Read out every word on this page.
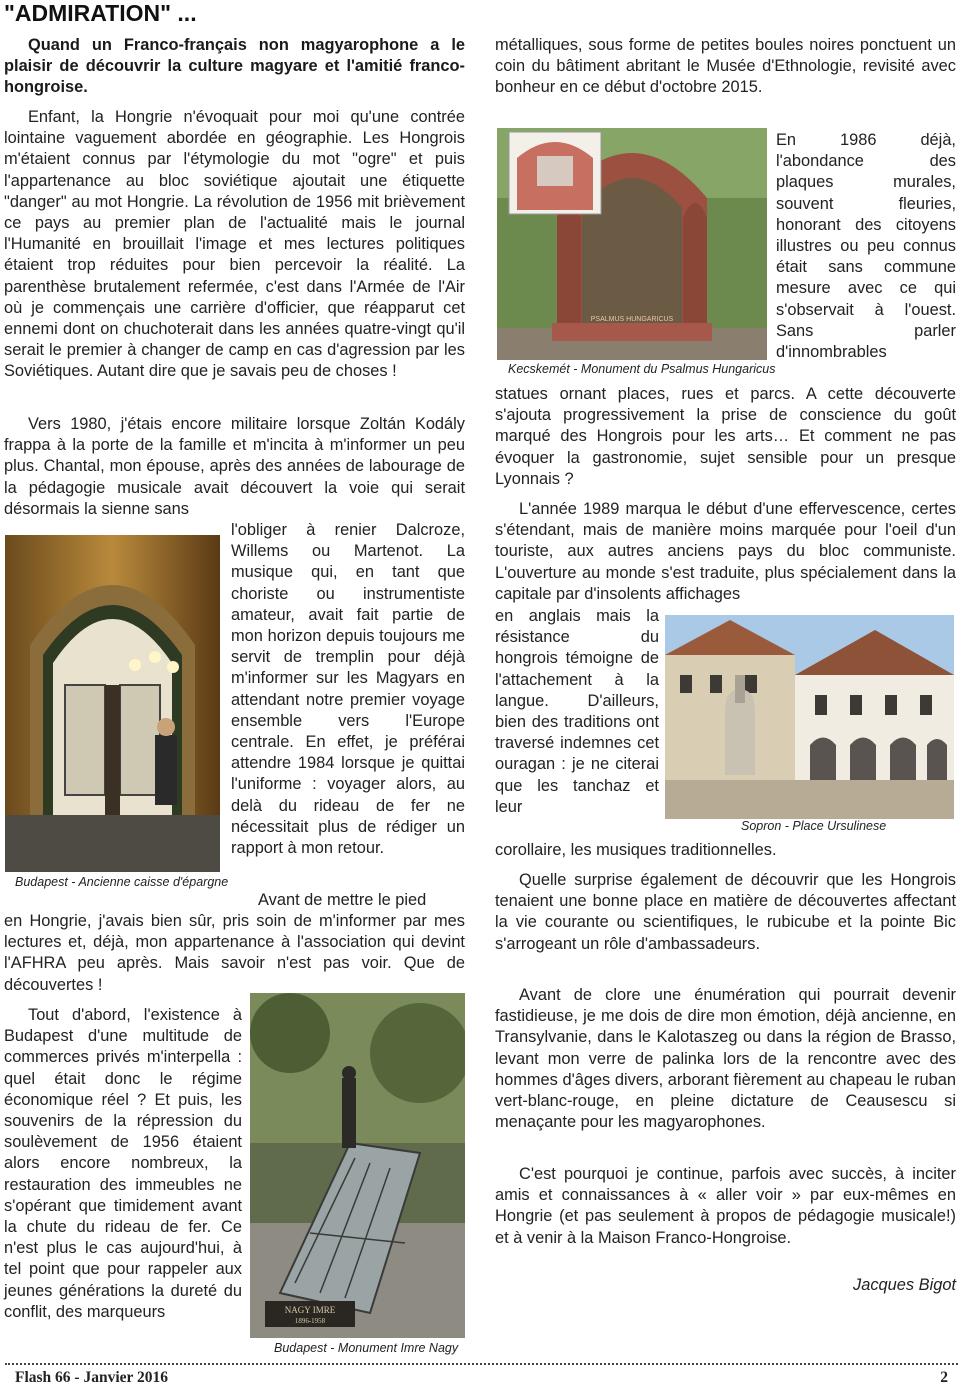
"ADMIRATION" ...

Quand un Franco-français non magyarophone a le plaisir de découvrir la culture magyare et l'amitié franco-hongroise.

Enfant, la Hongrie n'évoquait pour moi qu'une contrée lointaine vaguement abordée en géographie. Les Hongrois m'étaient connus par l'étymologie du mot "ogre" et puis l'appartenance au bloc soviétique ajoutait une étiquette "danger" au mot Hongrie. La révolution de 1956 mit brièvement ce pays au premier plan de l'actualité mais le journal l'Humanité en brouillait l'image et mes lectures politiques étaient trop réduites pour bien percevoir la réalité. La parenthèse brutalement refermée, c'est dans l'Armée de l'Air où je commençais une carrière d'officier, que réapparut cet ennemi dont on chuchoterait dans les années quatre-vingt qu'il serait le premier à changer de camp en cas d'agression par les Soviétiques. Autant dire que je savais peu de choses !

Vers 1980, j'étais encore militaire lorsque Zoltán Kodály frappa à la porte de la famille et m'incita à m'informer un peu plus. Chantal, mon épouse, après des années de labourage de la pédagogie musicale avait découvert la voie qui serait désormais la sienne sans

l'obliger à renier Dalcroze, Willems ou Martenot. La musique qui, en tant que choriste ou instrumentiste amateur, avait fait partie de mon horizon depuis toujours me servit de tremplin pour déjà m'informer sur les Magyars en attendant notre premier voyage ensemble vers l'Europe centrale. En effet, je préférai attendre 1984 lorsque je quittai l'uniforme : voyager alors, au delà du rideau de fer ne nécessitait plus de rédiger un rapport à mon retour.

Budapest - Ancienne caisse d'épargne

Avant de mettre le pied

en Hongrie, j'avais bien sûr, pris soin de m'informer par mes lectures et, déjà, mon appartenance à l'association qui devint l'AFHRA peu après. Mais savoir n'est pas voir. Que de découvertes !

Tout d'abord, l'existence à Budapest d'une multitude de commerces privés m'interpella : quel était donc le régime économique réel ? Et puis, les souvenirs de la répression du soulèvement de 1956 étaient alors encore nombreux, la restauration des immeubles ne s'opérant que timidement avant la chute du rideau de fer. Ce n'est plus le cas aujourd'hui, à tel point que pour rappeler aux jeunes générations la dureté du conflit, des marqueurs	NAGY IMRE
1896-1958
Budapest - Monument Imre Nagy

métalliques, sous forme de petites boules noires ponctuent un coin du bâtiment abritant le Musée d'Ethnologie, revisité avec bonheur en ce début d'octobre 2015.

PSALMUS HUNGARICUS
Kecskemét - Monument du Psalmus Hungaricus

En 1986 déjà, l'abondance des plaques murales, souvent fleuries, honorant des citoyens illustres ou peu connus était sans commune mesure avec ce qui s'observait à l'ouest. Sans parler d'innombrables

statues ornant places, rues et parcs. A cette découverte s'ajouta progressivement la prise de conscience du goût marqué des Hongrois pour les arts… Et comment ne pas évoquer la gastronomie, sujet sensible pour un presque Lyonnais ?

L'année 1989 marqua le début d'une effervescence, certes s'étendant, mais de manière moins marquée pour l'oeil d'un touriste, aux autres anciens pays du bloc communiste. L'ouverture au monde s'est traduite, plus spécialement dans la capitale par d'insolents affichages

en anglais mais la résistance du hongrois témoigne de l'attachement à la langue. D'ailleurs, bien des traditions ont traversé indemnes cet ouragan : je ne citerai que les tanchaz et leur

corollaire, les musiques traditionnelles.

Sopron - Place Ursulinese

Quelle surprise également de découvrir que les Hongrois tenaient une bonne place en matière de découvertes affectant la vie courante ou scientifiques, le rubicube et la pointe Bic s'arrogeant un rôle d'ambassadeurs.

Avant de clore une énumération qui pourrait devenir fastidieuse, je me dois de dire mon émotion, déjà ancienne, en Transylvanie, dans le Kalotaszeg ou dans la région de Brasso, levant mon verre de palinka lors de la rencontre avec des hommes d'âges divers, arborant fièrement au chapeau le ruban vert-blanc-rouge, en pleine dictature de Ceausescu si menaçante pour les magyarophones.

C'est pourquoi je continue, parfois avec succès, à inciter amis et connaissances à « aller voir » par eux-mêmes en Hongrie (et pas seulement à propos de pédagogie musicale!) et à venir à la Maison Franco-Hongroise.

Jacques Bigot
Flash 66 - Janvier 2016	2
